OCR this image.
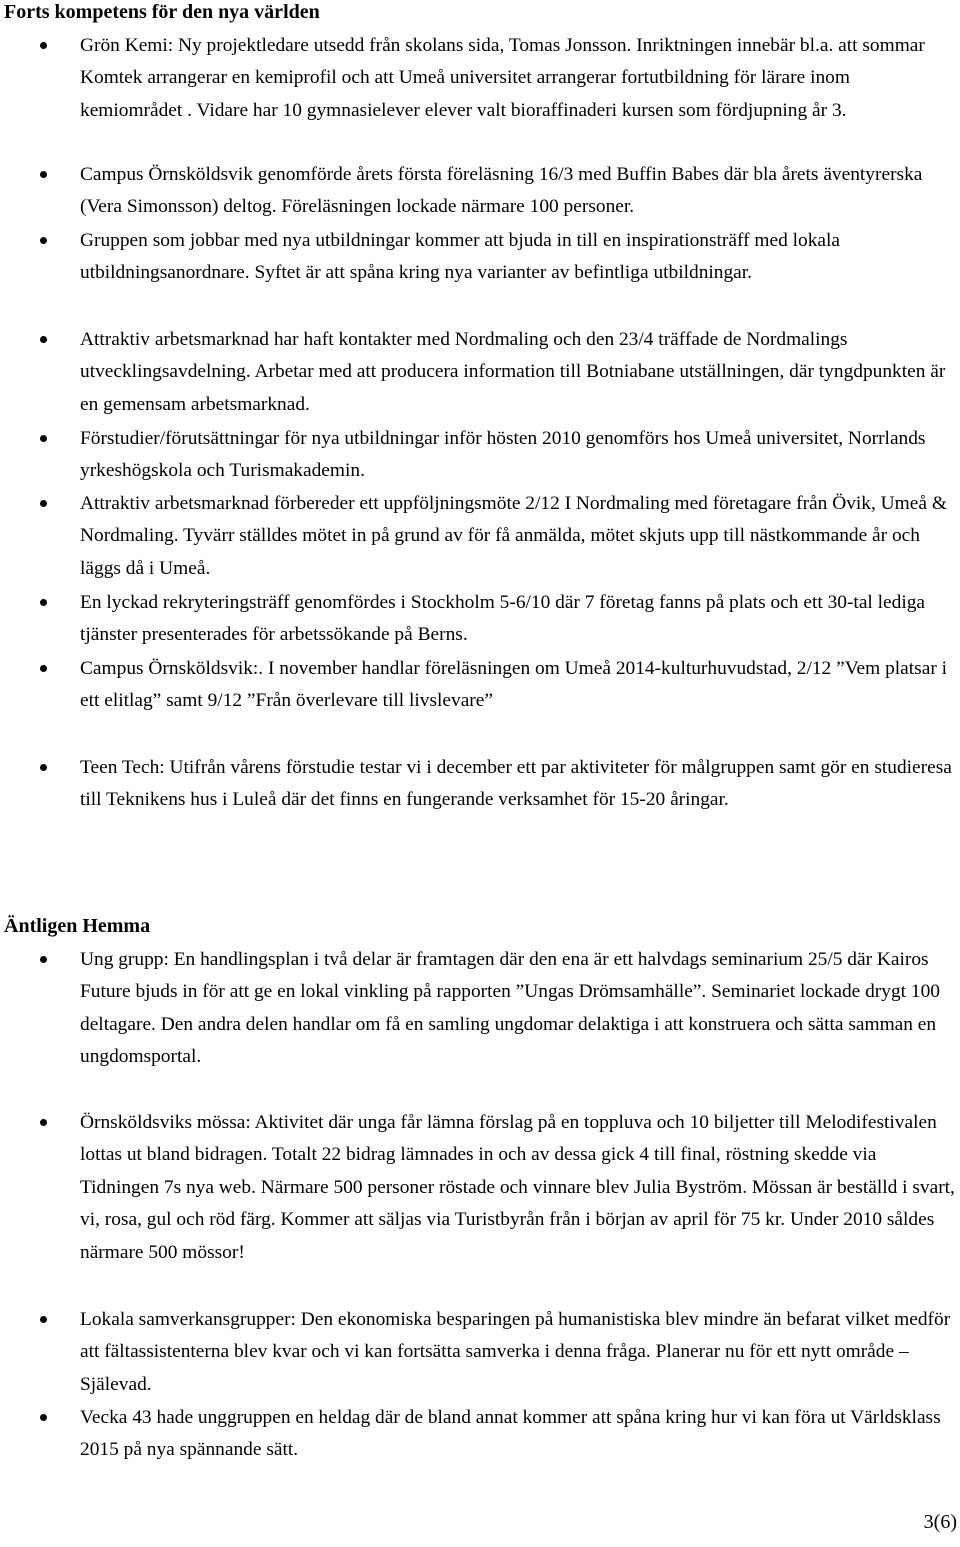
Forts kompetens för den nya världen
Grön Kemi: Ny projektledare utsedd från skolans sida, Tomas Jonsson. Inriktningen innebär bl.a. att sommar Komtek arrangerar en kemiprofil och att Umeå universitet arrangerar fortutbildning för lärare inom kemiområdet . Vidare har 10 gymnasielever elever valt bioraffinaderi kursen som fördjupning år 3.
Campus Örnsköldsvik genomförde årets första föreläsning 16/3 med Buffin Babes där bla årets äventyrerska (Vera Simonsson) deltog. Föreläsningen lockade närmare 100 personer.
Gruppen som jobbar med nya utbildningar kommer att bjuda in till en inspirationsträff med lokala utbildningsanordnare. Syftet är att spåna kring nya varianter av befintliga utbildningar.
Attraktiv arbetsmarknad har haft kontakter med Nordmaling och den 23/4 träffade de Nordmalings utvecklingsavdelning. Arbetar med att producera information till Botniabane utställningen, där tyngdpunkten är en gemensam arbetsmarknad.
Förstudier/förutsättningar för nya utbildningar inför hösten 2010 genomförs hos Umeå universitet, Norrlands yrkeshögskola och Turismakademin.
Attraktiv arbetsmarknad förbereder ett uppföljningsmöte 2/12 I Nordmaling med företagare från Övik, Umeå & Nordmaling. Tyvärr ställdes mötet in på grund av för få anmälda, mötet skjuts upp till nästkommande år och läggs då i Umeå.
En lyckad rekryteringsträff genomfördes i Stockholm 5-6/10 där 7 företag fanns på plats och ett 30-tal lediga tjänster presenterades för arbetssökande på Berns.
Campus Örnsköldsvik:. I november handlar föreläsningen om Umeå 2014-kulturhuvudstad, 2/12 ”Vem platsar i ett elitlag” samt 9/12 ”Från överlevare till livslevare”
Teen Tech: Utifrån vårens förstudie testar vi i december ett par aktiviteter för målgruppen samt gör en studieresa till Teknikens hus i Luleå där det finns en fungerande verksamhet för 15-20 åringar.
Äntligen Hemma
Ung grupp: En handlingsplan i två delar är framtagen där den ena är ett halvdags seminarium 25/5 där Kairos Future bjuds in för att ge en lokal vinkling på rapporten ”Ungas Drömsamhälle”. Seminariet lockade drygt 100 deltagare. Den andra delen handlar om få en samling ungdomar delaktiga i att konstruera och sätta samman en ungdomsportal.
Örnsköldsviks mössa: Aktivitet där unga får lämna förslag på en toppluva och 10 biljetter till Melodifestivalen lottas ut bland bidragen. Totalt 22 bidrag lämnades in och av dessa gick 4 till final, röstning skedde via Tidningen 7s nya web. Närmare 500 personer röstade och vinnare blev Julia Byström. Mössan är beställd i svart, vi, rosa, gul och röd färg. Kommer att säljas via Turistbyrån från i början av april för 75 kr. Under 2010 såldes närmare 500 mössor!
Lokala samverkansgrupper: Den ekonomiska besparingen på humanistiska blev mindre än befarat vilket medför att fältassistenterna blev kvar och vi kan fortsätta samverka i denna fråga. Planerar nu för ett nytt område – Själevad.
Vecka 43 hade unggruppen en heldag där de bland annat kommer att spåna kring hur vi kan föra ut Världsklass 2015 på nya spännande sätt.
3(6)
